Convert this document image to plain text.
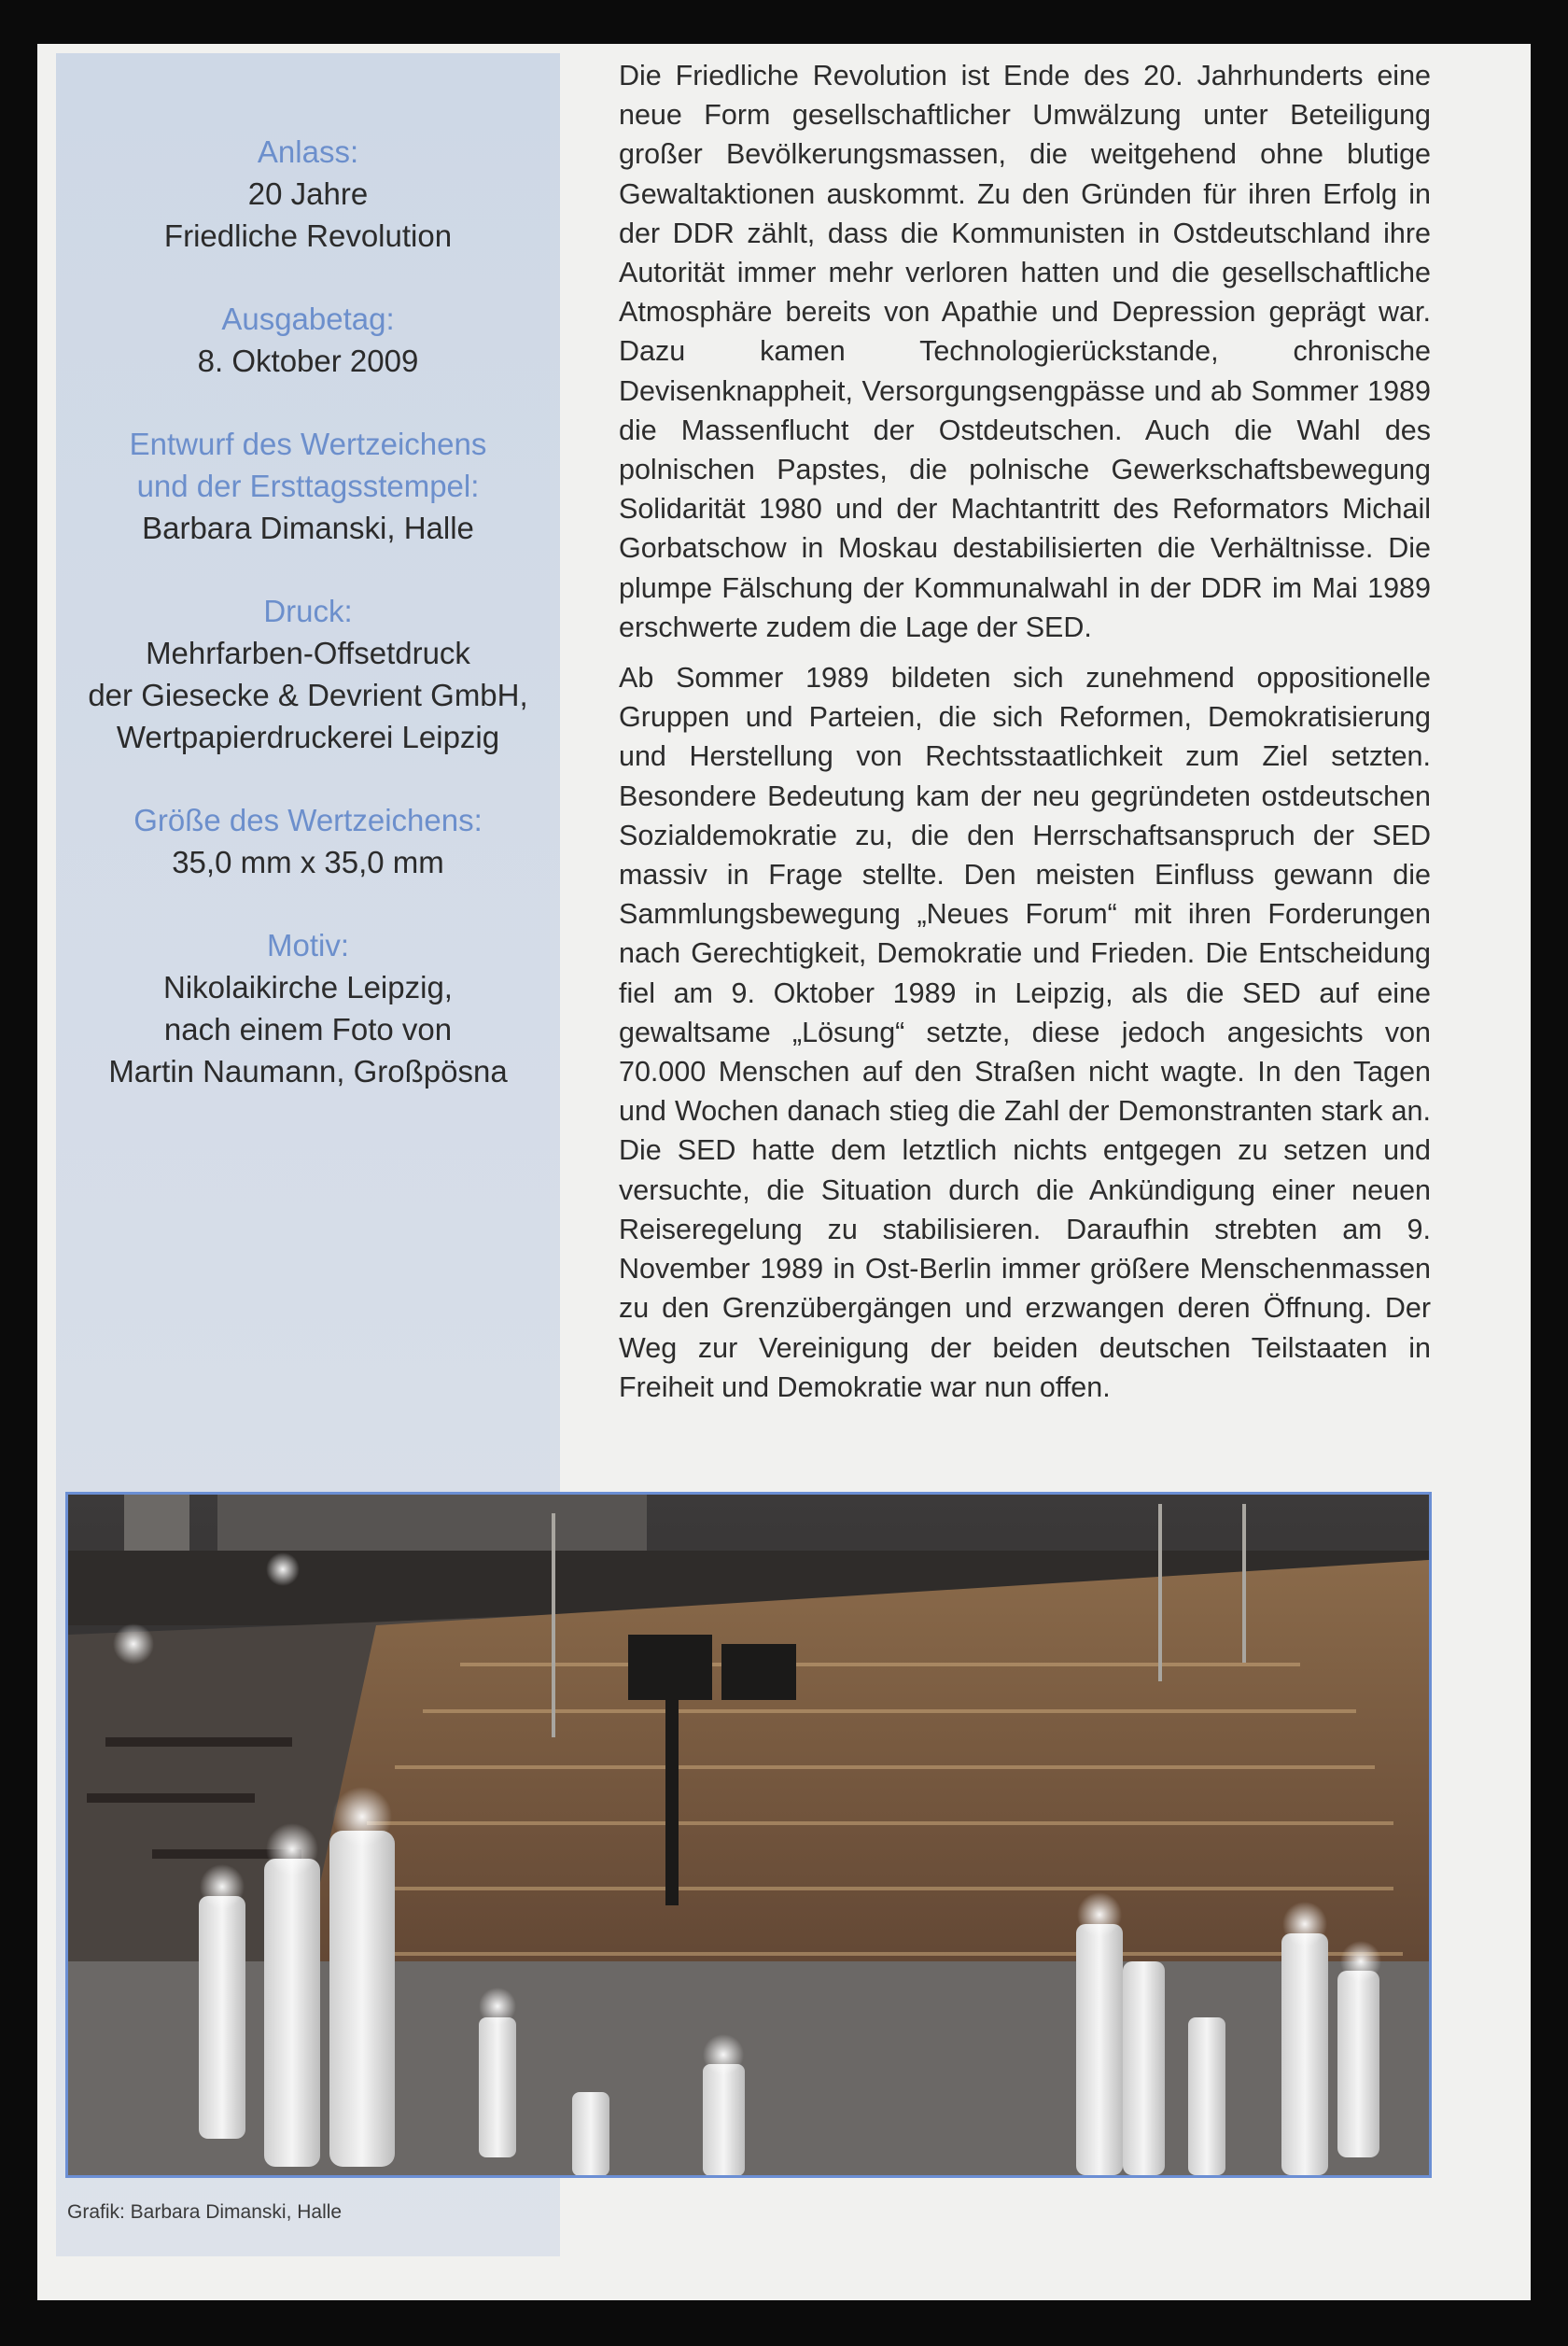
Anlass:
20 Jahre
Friedliche Revolution
Ausgabetag:
8. Oktober 2009
Entwurf des Wertzeichens
und der Ersttagsstempel:
Barbara Dimanski, Halle
Druck:
Mehrfarben-Offsetdruck
der Giesecke & Devrient GmbH,
Wertpapierdruckerei Leipzig
Größe des Wertzeichens:
35,0 mm x 35,0 mm
Motiv:
Nikolaikirche Leipzig,
nach einem Foto von
Martin Naumann, Großpösna

Die Friedliche Revolution ist Ende des 20. Jahrhunderts eine neue Form gesellschaftlicher Umwälzung unter Beteiligung großer Bevölkerungsmassen, die weitgehend ohne blutige Gewaltaktionen auskommt. Zu den Gründen für ihren Erfolg in der DDR zählt, dass die Kommunisten in Ostdeutschland ihre Autorität immer mehr verloren hatten und die gesellschaftliche Atmosphäre bereits von Apathie und Depression geprägt war. Dazu kamen Technologierückstande, chronische Devisenknappheit, Versorgungsengpässe und ab Sommer 1989 die Massenflucht der Ostdeutschen. Auch die Wahl des polnischen Papstes, die polnische Gewerkschaftsbewegung Solidarität 1980 und der Machtantritt des Reformators Michail Gorbatschow in Moskau destabilisierten die Verhältnisse. Die plumpe Fälschung der Kommunalwahl in der DDR im Mai 1989 erschwerte zudem die Lage der SED.

Ab Sommer 1989 bildeten sich zunehmend oppositionelle Gruppen und Parteien, die sich Reformen, Demokratisierung und Herstellung von Rechtsstaatlichkeit zum Ziel setzten. Besondere Bedeutung kam der neu gegründeten ostdeutschen Sozialdemokratie zu, die den Herrschaftsanspruch der SED massiv in Frage stellte. Den meisten Einfluss gewann die Sammlungsbewegung „Neues Forum“ mit ihren Forderungen nach Gerechtigkeit, Demokratie und Frieden. Die Entscheidung fiel am 9. Oktober 1989 in Leipzig, als die SED auf eine gewaltsame „Lösung“ setzte, diese jedoch angesichts von 70.000 Menschen auf den Straßen nicht wagte. In den Tagen und Wochen danach stieg die Zahl der Demonstranten stark an. Die SED hatte dem letztlich nichts entgegen zu setzen und versuchte, die Situation durch die Ankündigung einer neuen Reiseregelung zu stabilisieren. Daraufhin strebten am 9. November 1989 in Ost-Berlin immer größere Menschenmassen zu den Grenzübergängen und erzwangen deren Öffnung. Der Weg zur Vereinigung der beiden deutschen Teilstaaten in Freiheit und Demokratie war nun offen.

Grafik: Barbara Dimanski, Halle
